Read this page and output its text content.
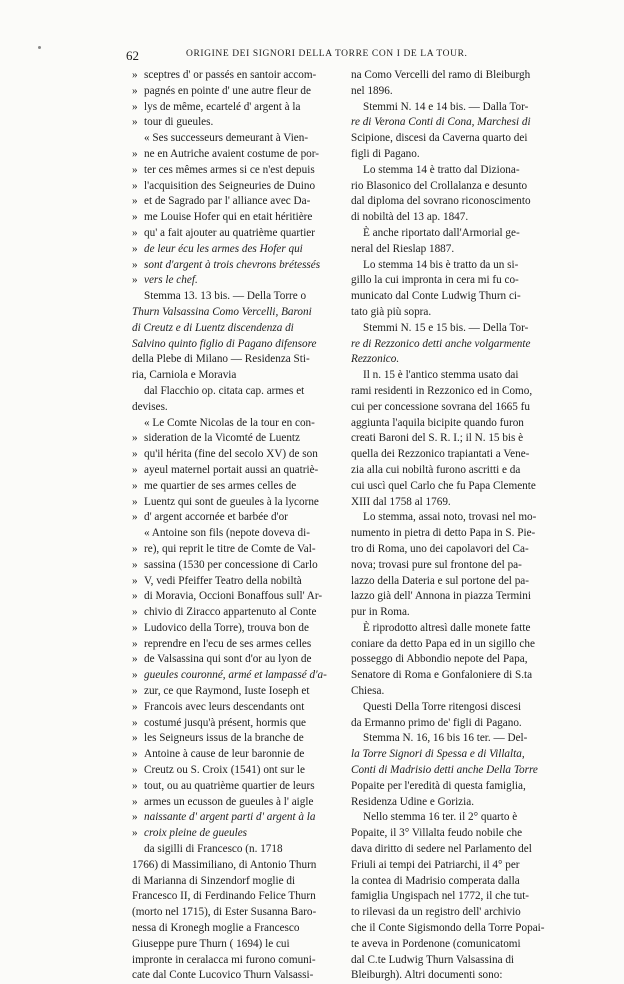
62	ORIGINE DEI SIGNORI DELLA TORRE CON I DE LA TOUR.
» sceptres d' or passés en santoir accom-
» pagnés en pointe d' une autre fleur de
» lys de même, ecartelé d' argent à la
» tour di gueules.
« Ses successeurs demeurant à Vien-
» ne en Autriche avaient costume de por-
» ter ces mêmes armes si ce n'est depuis
» l'acquisition des Seigneuries de Duino
» et de Sagrado par l' alliance avec Da-
» me Louise Hofer qui en etait héritière
» qu' a fait ajouter au quatrième quartier
» de leur écu les armes des Hofer qui
» sont d'argent à trois chevrons brétessés
» vers le chef.
Stemma 13. 13 bis. — Della Torre o
Thurn Valsassina Como Vercelli, Baroni
di Creutz e di Luentz discendenza di
Salvino quinto figlio di Pagano difensore
della Plebe di Milano — Residenza Sti-
ria, Carniola e Moravia
dal Flacchio op. citata cap. armes et
devises.
« Le Comte Nicolas de la tour en con-
» sideration de la Vicomté de Luentz
» qu'il hérita (fine del secolo XV) de son
» ayeul maternel portait aussi an quatriè-
» me quartier de ses armes celles de
» Luentz qui sont de gueules à la lycorne
» d' argent accornée et barbée d'or
« Antoine son fils (nepote doveva di-
» re), qui reprit le titre de Comte de Val-
» sassina (1530 per concessione di Carlo
» V, vedi Pfeiffer Teatro della nobiltà
» di Moravia, Occioni Bonaffous sull' Ar-
» chivio di Ziracco appartenuto al Conte
» Ludovico della Torre), trouva bon de
» reprendre en l'ecu de ses armes celles
» de Valsassina qui sont d'or au lyon de
» gueules couronné, armé et lampassé d'a-
» zur, ce que Raymond, Iuste Ioseph et
» Francois avec leurs descendants ont
» costumé jusqu'à présent, hormis que
» les Seigneurs issus de la branche de
» Antoine à cause de leur baronnie de
» Creutz ou S. Croix (1541) ont sur le
» tout, ou au quatrième quartier de leurs
» armes un ecusson de gueules à l' aigle
» naissante d' argent parti d' argent à la
» croix pleine de gueules
da sigilli di Francesco (n. 1718
1766) di Massimiliano, di Antonio Thurn
di Marianna di Sinzendorf moglie di
Francesco II, di Ferdinando Felice Thurn
(morto nel 1715), di Ester Susanna Baro-
nessa di Kronegh moglie a Francesco
Giuseppe pure Thurn ( 1694) le cui
impronte in ceralacca mi furono comuni-
cate dal Conte Lucovico Thurn Valsassi-
na Como Vercelli del ramo di Bleiburgh
nel 1896.
Stemmi N. 14 e 14 bis. — Dalla Tor-
re di Verona Conti di Cona, Marchesi di
Scipione, discesi da Caverna quarto dei
figli di Pagano.
Lo stemma 14 è tratto dal Diziona-
rio Blasonico del Crollalanza e desunto
dal diploma del sovrano riconoscimento
di nobiltà del 13 ap. 1847.
È anche riportato dall'Armorial ge-
neral del Rieslap 1887.
Lo stemma 14 bis è tratto da un si-
gillo la cui impronta in cera mi fu co-
municato dal Conte Ludwig Thurn ci-
tato già più sopra.
Stemmi N. 15 e 15 bis. — Della Tor-
re di Rezzonico detti anche volgarmente
Rezzonico.
Il n. 15 è l'antico stemma usato dai
rami residenti in Rezzonico ed in Como,
cui per concessione sovrana del 1665 fu
aggiunta l'aquila bicipite quando furon
creati Baroni del S. R. I.; il N. 15 bis è
quella dei Rezzonico trapiantati a Vene-
zia alla cui nobiltà furono ascritti e da
cui uscì quel Carlo che fu Papa Clemente
XIII dal 1758 al 1769.
Lo stemma, assai noto, trovasi nel mo-
numento in pietra di detto Papa in S. Pie-
tro di Roma, uno dei capolavori del Ca-
nova; trovasi pure sul frontone del pa-
lazzo della Dateria e sul portone del pa-
lazzo già dell' Annona in piazza Termini
pur in Roma.
È riprodotto altresì dalle monete fatte
coniare da detto Papa ed in un sigillo che
posseggo di Abbondio nepote del Papa,
Senatore di Roma e Gonfaloniere di S.ta
Chiesa.
Questi Della Torre ritengosi discesi
da Ermanno primo de' figli di Pagano.
Stemma N. 16, 16 bis 16 ter. — Del-
la Torre Signori di Spessa e di Villalta,
Conti di Madrisio detti anche Della Torre
Popaite per l'eredità di questa famiglia,
Residenza Udine e Gorizia.
Nello stemma 16 ter. il 2° quarto è
Popaite, il 3° Villalta feudo nobile che
dava diritto di sedere nel Parlamento del
Friuli ai tempi dei Patriarchi, il 4° per
la contea di Madrisio comperata dalla
famiglia Ungispach nel 1772, il che tut-
to rilevasi da un registro dell' archivio
che il Conte Sigismondo della Torre Popai-
te aveva in Pordenone (comunicatomi
dal C.te Ludwig Thurn Valsassina di
Bleiburgh). Altri documenti sono:
